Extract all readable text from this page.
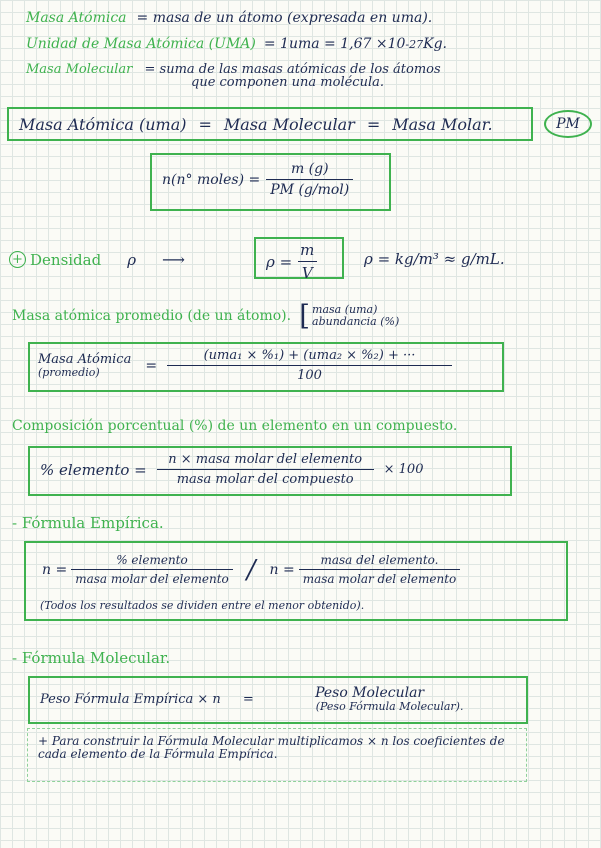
Masa Atómica = masa de un átomo (expresada en uma).
Unidad de Masa Atómica (UMA) = 1uma = 1,67 ×10 -27 Kg.
Masa Molecular = suma de las masas atómicas de los átomos
que componen una molécula.
Masa Atómica (uma) = Masa Molecular = Masa Molar.	PM
n(n° moles) = $\frac{m (g)}{\text{PM (g/mol)}}$
+ Densidad ρ ⟶	$\rho = \frac{m}{V}$	ρ = kg/m³ ≈ g/mL.
Masa atómica promedio (de un átomo). [ masa (uma)
abundancia (%)
Masa Atómica
(promedio)	= $\frac{\text{(uma₁ × \%₁) + (uma₂ × \%₂) + ···}}{100}$
Composición porcentual (%) de un elemento en un compuesto.
% elemento = $\frac{\text{n × masa molar del elemento}}{\text{masa molar del compuesto}} \times 100$
- Fórmula Empírica.
$n = \frac{\text{\% elemento}}{\text{masa molar del elemento}} / n = \frac{\text{masa del elemento.}}{\text{masa molar del elemento}}$
(Todos los resultados se dividen entre el menor obtenido).
- Fórmula Molecular.
Peso Fórmula Empírica × n =	Peso Molecular
(Peso Fórmula Molecular).
+ Para construir la Fórmula Molecular multiplicamos × n los coeficientes de cada elemento de la Fórmula Empírica.
